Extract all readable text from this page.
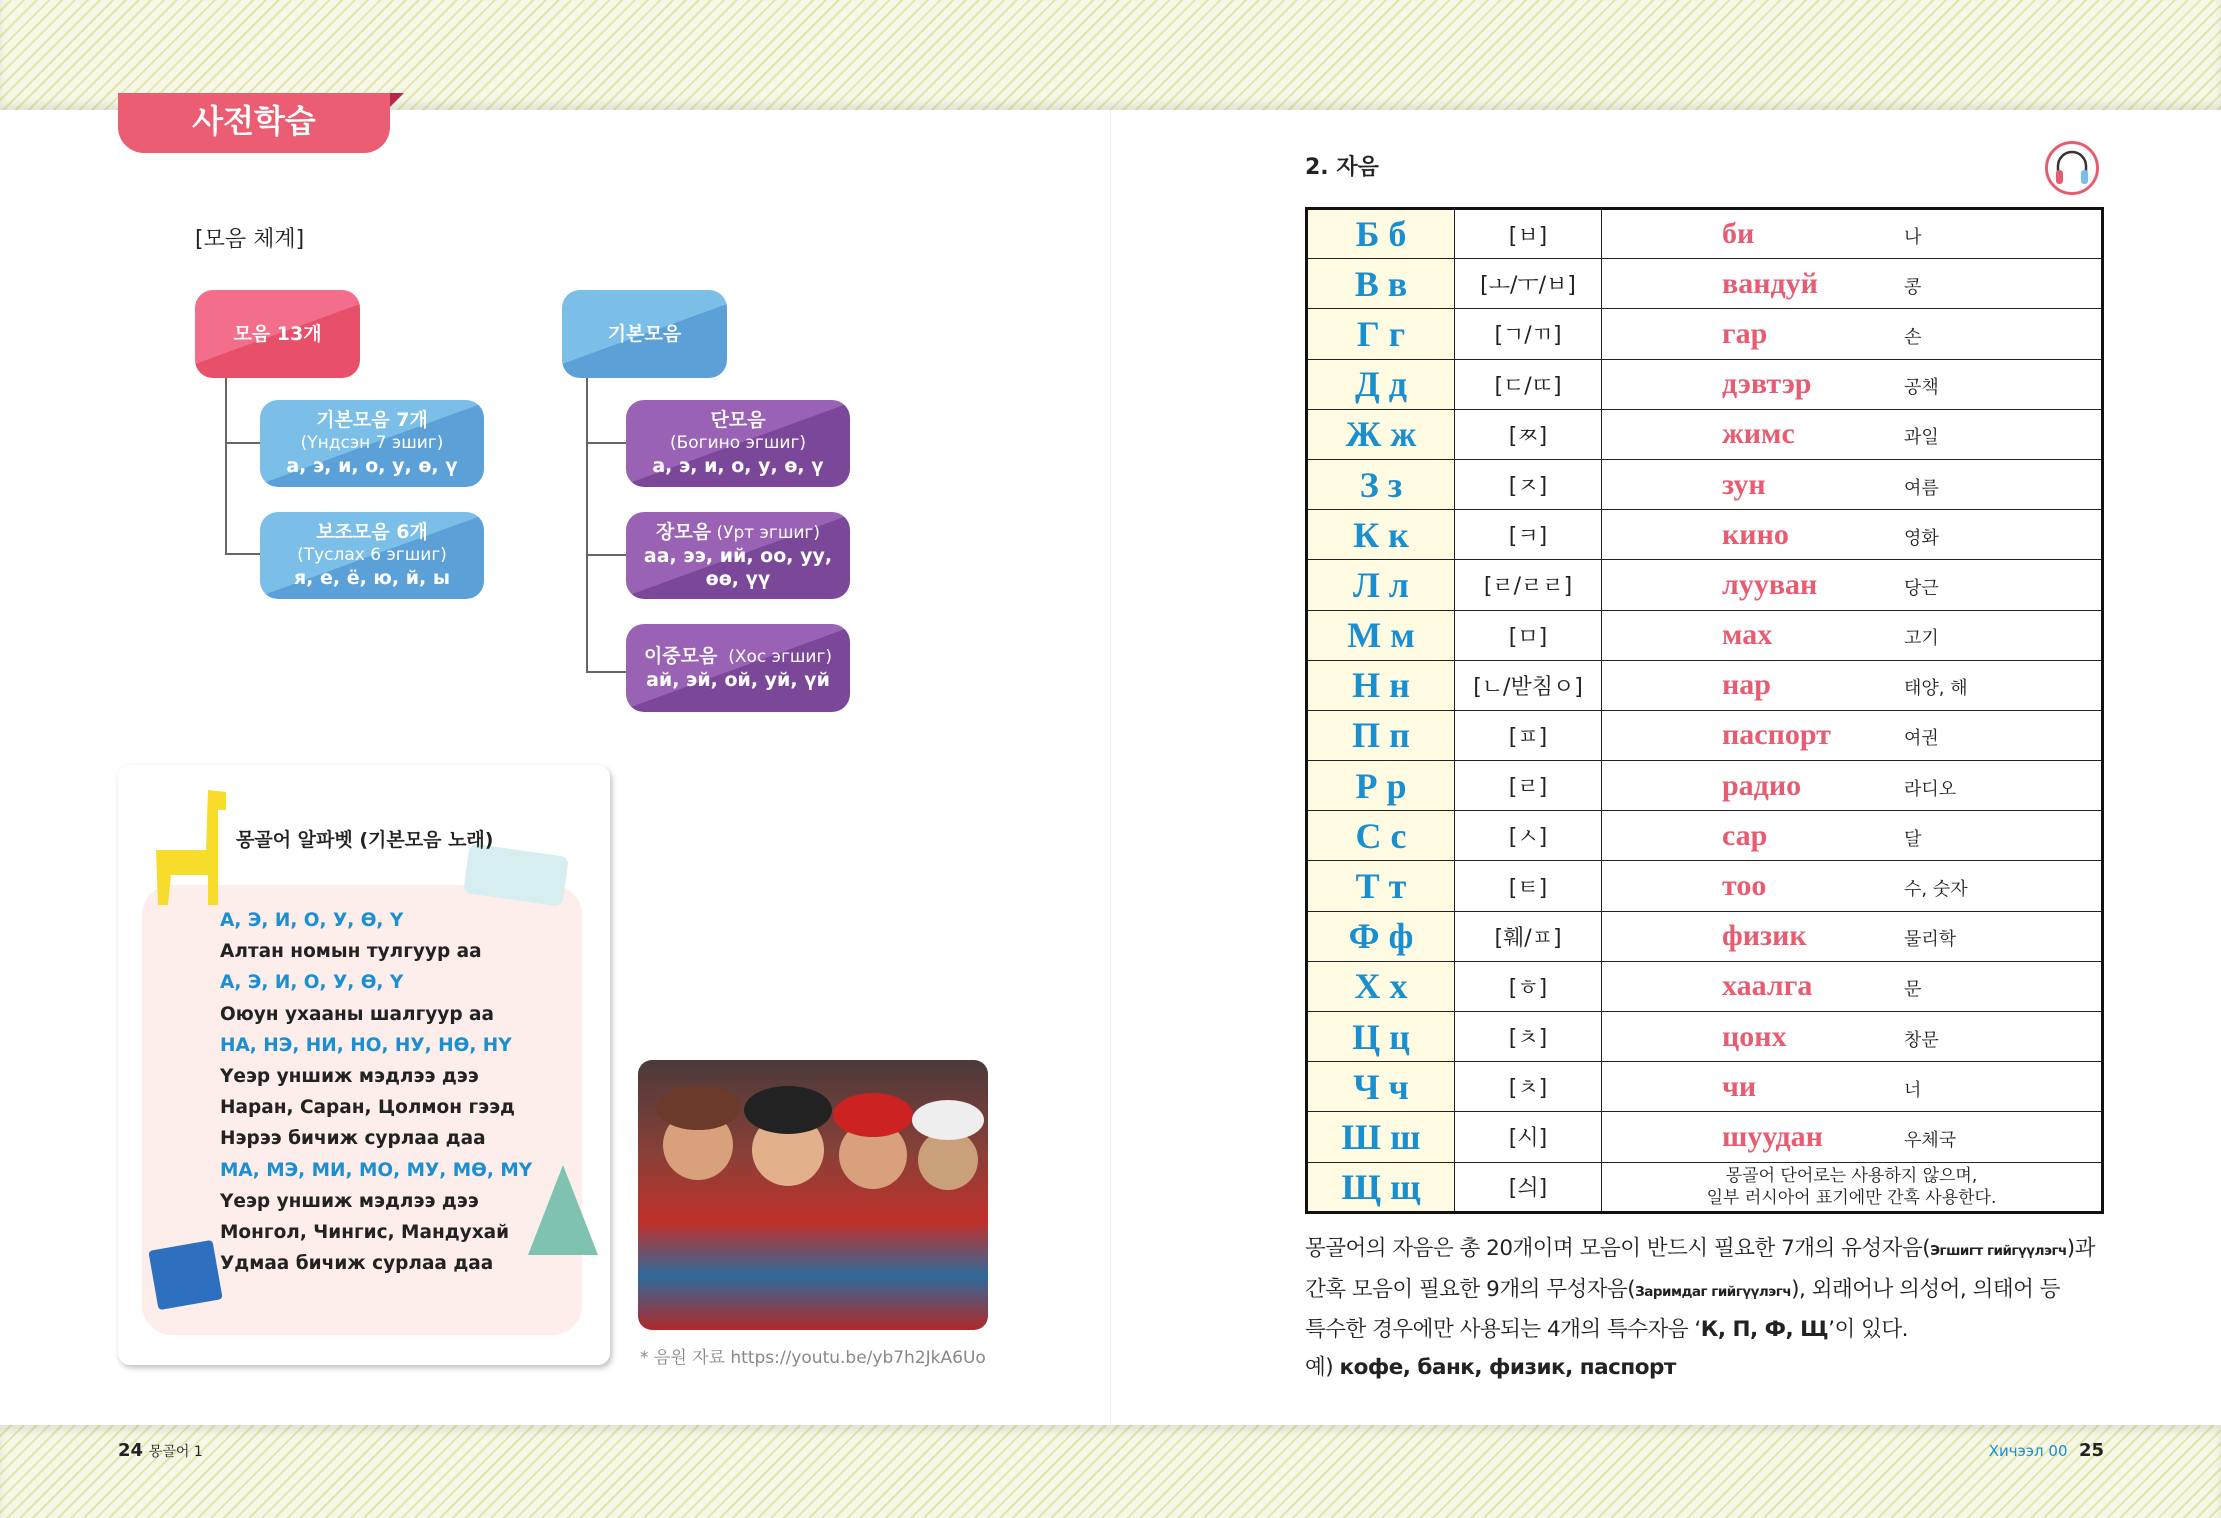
사전학습
[모음 체계]
모음 13개
기본모음 7개
(Үндсэн 7 эшиг)
а, э, и, о, у, ө, ү
보조모음 6개
(Туслах 6 эгшиг)
я, е, ё, ю, й, ы
기본모음
단모음
(Богино эгшиг)
а, э, и, о, у, ө, ү
장모음 (Урт эгшиг)
аа, ээ, ий, оо, уу, өө, үү
이중모음 (Хос эгшиг)
ай, эй, ой, уй, үй
몽골어 알파벳 (기본모음 노래)
А, Э, И, О, У, Ө, Ү
Алтан номын тулгуур аа
А, Э, И, О, У, Ө, Ү
Оюун ухааны шалгуур аа
НА, НЭ, НИ, НО, НУ, НӨ, НҮ
Үеэр уншиж мэдлээ дээ
Наран, Саран, Цолмон гээд
Нэрээ бичиж сурлаа даа
МА, МЭ, МИ, МО, МУ, МӨ, МҮ
Үеэр уншиж мэдлээ дээ
Монгол, Чингис, Мандухай
Удмаа бичиж сурлаа даа
* 음원 자료 https://youtu.be/yb7h2JkA6Uo
24 몽골어 1	Хичээл 00 25
2. 자음
Б б	[ㅂ]	би 나
В в	[ㅗ/ㅜ/ㅂ]	вандуй 콩
Г г	[ㄱ/ㄲ]	гар 손
Д д	[ㄷ/ㄸ]	дэвтэр 공책
Ж ж	[ㅉ]	жимс 과일
З з	[ㅈ]	зун 여름
К к	[ㅋ]	кино 영화
Л л	[ㄹ/ㄹㄹ]	лууван 당근
М м	[ㅁ]	мах 고기
Н н	[ㄴ/받침ㅇ]	нар 태양, 해
П п	[ㅍ]	паспорт 여권
Р р	[ㄹ]	радио 라디오
С с	[ㅅ]	сар 달
Т т	[ㅌ]	тоо 수, 숫자
Ф ф	[훼/ㅍ]	физик 물리학
Х х	[ㅎ]	хаалга 문
Ц ц	[ㅊ]	цонх 창문
Ч ч	[ㅊ]	чи 너
Ш ш	[시]	шуудан 우체국
Щ щ	[싀]	몽골어 단어로는 사용하지 않으며,
일부 러시아어 표기에만 간혹 사용한다.
몽골어의 자음은 총 20개이며 모음이 반드시 필요한 7개의 유성자음(Эгшигт гийгүүлэгч)과
간혹 모음이 필요한 9개의 무성자음(Заримдаг гийгүүлэгч), 외래어나 의성어, 의태어 등
특수한 경우에만 사용되는 4개의 특수자음 ‘К, П, Ф, Щ’이 있다.
예) кофе, банк, физик, паспорт
